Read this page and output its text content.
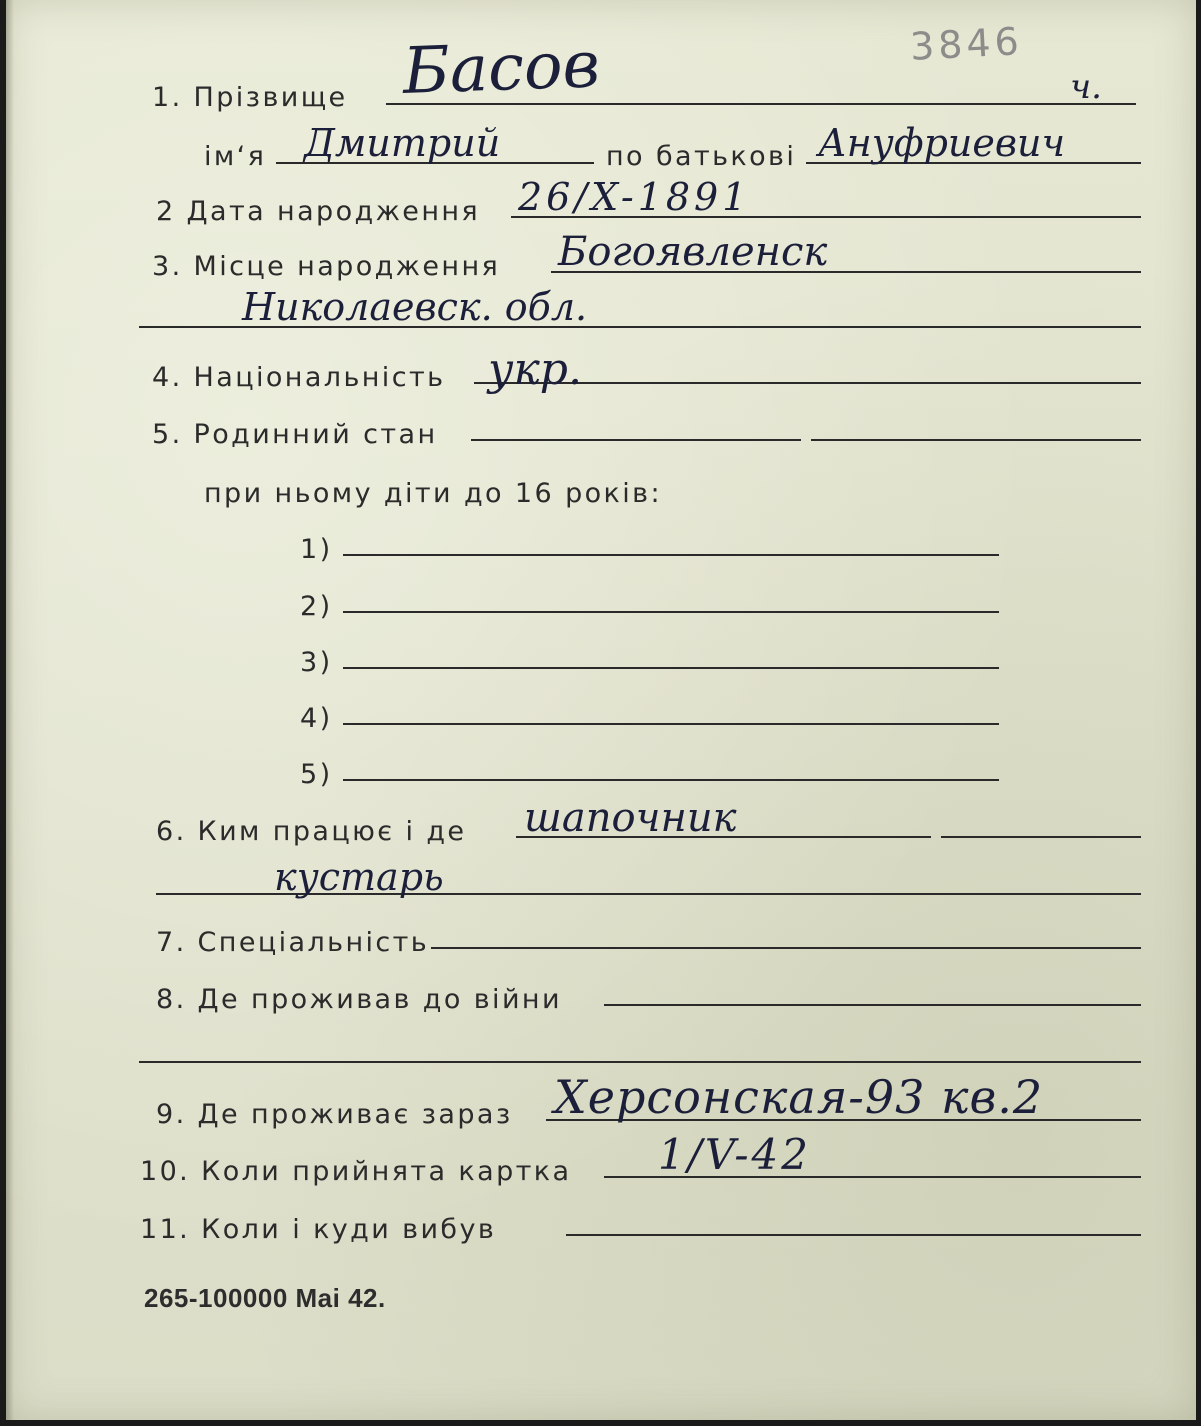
3846
1. Прізвище Басов	ч.
ім‘я Дмитрий	по батькові Ануфриевич
2 Дата народження 26/X-1891
3. Місце народження Богоявленск
Николаевск. обл.
4. Національність укр.
5. Родинний стан
при ньому діти до 16 років:
1)
2)
3)
4)
5)
6. Ким працює і де шапочник
кустарь
7. Спеціальність
8. Де проживав до війни
9. Де проживає зараз Херсонская-93 кв.2
10. Коли прийнята картка 1/V-42
11. Коли і куди вибув
265-100000 Mai 42.
